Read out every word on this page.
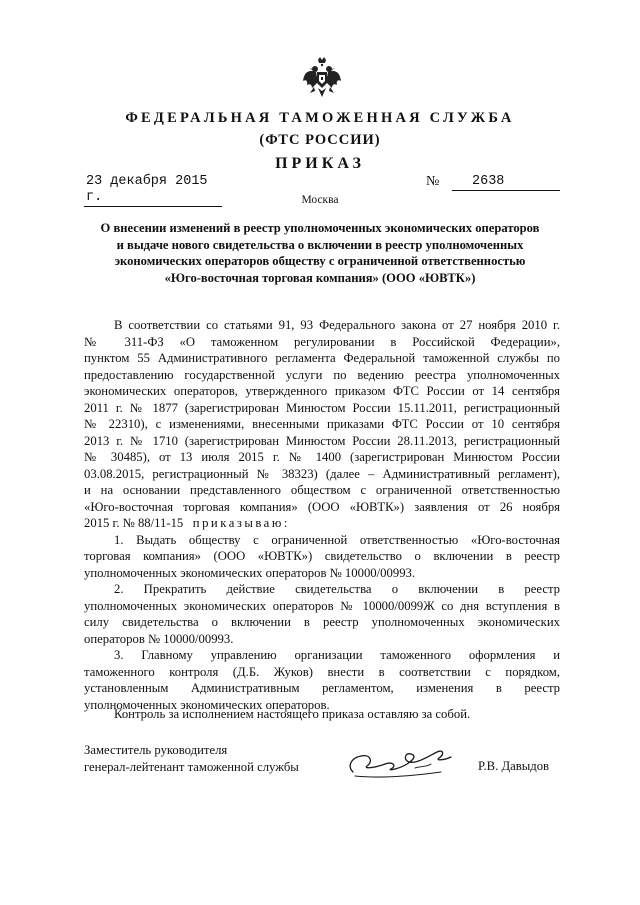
ФЕДЕРАЛЬНАЯ ТАМОЖЕННАЯ СЛУЖБА
(ФТС РОССИИ)
ПРИКАЗ
23 декабря 2015 г.
№	2638
Москва
О внесении изменений в реестр уполномоченных экономических операторов
и выдаче нового свидетельства о включении в реестр уполномоченных
экономических операторов обществу с ограниченной ответственностью
«Юго-восточная торговая компания» (ООО «ЮВТК»)
В соответствии со статьями 91, 93 Федерального закона от 27 ноября 2010 г.
№ 311-ФЗ «О таможенном регулировании в Российской Федерации»,
пунктом 55 Административного регламента Федеральной таможенной службы по
предоставлению государственной услуги по ведению реестра уполномоченных
экономических операторов, утвержденного приказом ФТС России от 14 сентября
2011 г. № 1877 (зарегистрирован Минюстом России 15.11.2011, регистрационный
№ 22310), с изменениями, внесенными приказами ФТС России от 10 сентября
2013 г. № 1710 (зарегистрирован Минюстом России 28.11.2013, регистрационный
№ 30485), от 13 июля 2015 г. № 1400 (зарегистрирован Минюстом России
03.08.2015, регистрационный № 38323) (далее – Административный регламент),
и на основании представленного обществом с ограниченной ответственностью
«Юго-восточная торговая компания» (ООО «ЮВТК») заявления от 26 ноября
2015 г. № 88/11-15 приказываю:
1. Выдать обществу с ограниченной ответственностью «Юго-восточная
торговая компания» (ООО «ЮВТК») свидетельство о включении в реестр
уполномоченных экономических операторов № 10000/00993.
2. Прекратить действие свидетельства о включении в реестр
уполномоченных экономических операторов № 10000/0099Ж со дня вступления в
силу свидетельства о включении в реестр уполномоченных экономических
операторов № 10000/00993.
3. Главному управлению организации таможенного оформления и
таможенного контроля (Д.Б. Жуков) внести в соответствии с порядком,
установленным Административным регламентом, изменения в реестр
уполномоченных экономических операторов.
Контроль за исполнением настоящего приказа оставляю за собой.
Заместитель руководителя
генерал-лейтенант таможенной службы	Р.В. Давыдов
